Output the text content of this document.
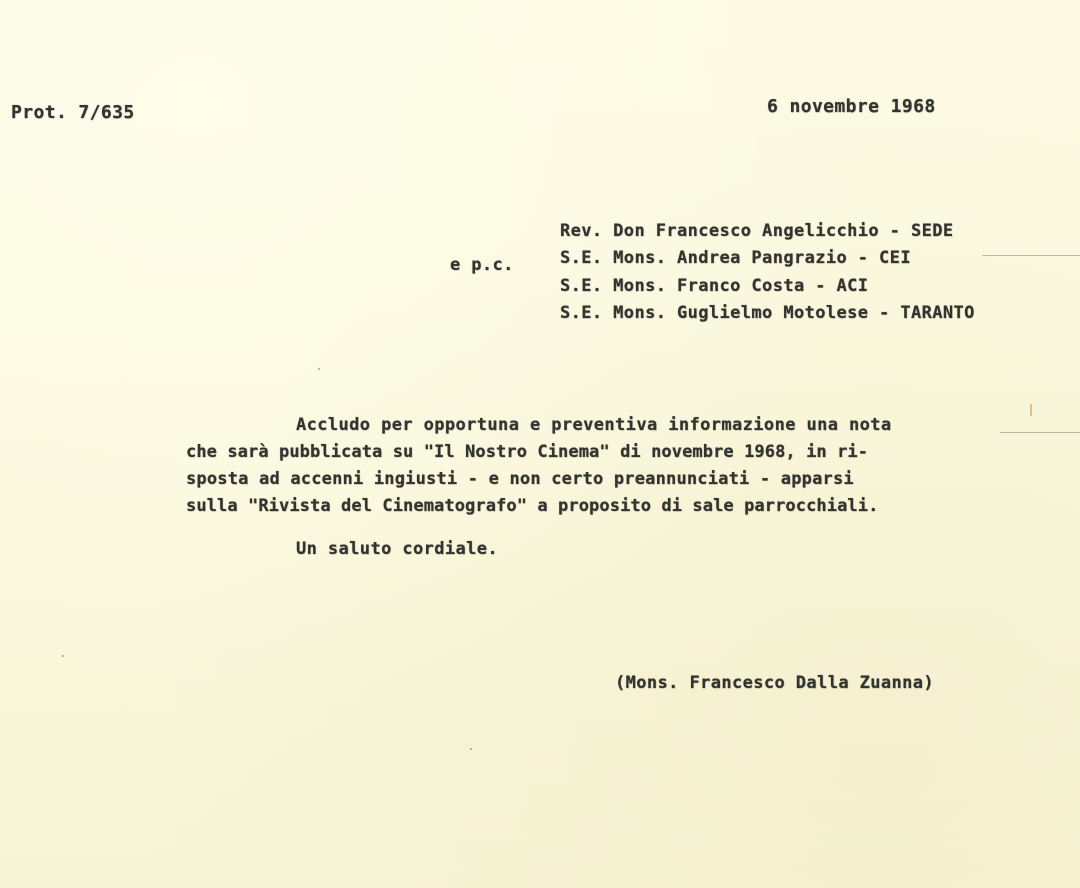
Prot. 7/635	6 novembre 1968
Rev. Don Francesco Angelicchio - SEDE
e p.c.	S.E. Mons. Andrea Pangrazio - CEI
S.E. Mons. Franco Costa - ACI
S.E. Mons. Guglielmo Motolese - TARANTO
Accludo per opportuna e preventiva informazione una nota
che sarà pubblicata su "Il Nostro Cinema" di novembre 1968, in ri-
sposta ad accenni ingiusti - e non certo preannunciati - apparsi
sulla "Rivista del Cinematografo" a proposito di sale parrocchiali.
Un saluto cordiale.
(Mons. Francesco Dalla Zuanna)
